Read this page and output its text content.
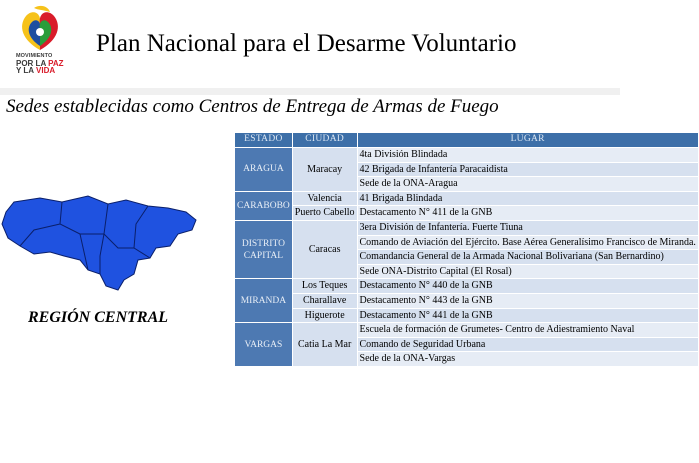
MOVIMIENTO
POR LA PAZ
Y LA VIDA
Plan Nacional para el Desarme Voluntario
Sedes establecidas como Centros de Entrega de Armas de Fuego
REGIÓN CENTRAL
ESTADO	CIUDAD	LUGAR
ARAGUA	Maracay	4ta División Blindada
		42 Brigada de Infantería Paracaidista
		Sede de la ONA-Aragua
CARABOBO	Valencia	41 Brigada Blindada
	Puerto Cabello	Destacamento N° 411 de la GNB

DISTRITO
CAPITAL	Caracas	3era División de Infantería. Fuerte Tiuna
		Comando de Aviación del Ejército. Base Aérea Generalísimo Francisco de Miranda.
		Comandancia General de la Armada Nacional Bolivariana (San Bernardino)
		Sede ONA-Distrito Capital (El Rosal)
MIRANDA	Los Teques	Destacamento N° 440 de la GNB
	Charallave	Destacamento N° 443 de la GNB
	Higuerote	Destacamento N° 441 de la GNB
VARGAS	Catia La Mar	Escuela de formación de Grumetes- Centro de Adiestramiento Naval
		Comando de Seguridad Urbana
		Sede de la ONA-Vargas
